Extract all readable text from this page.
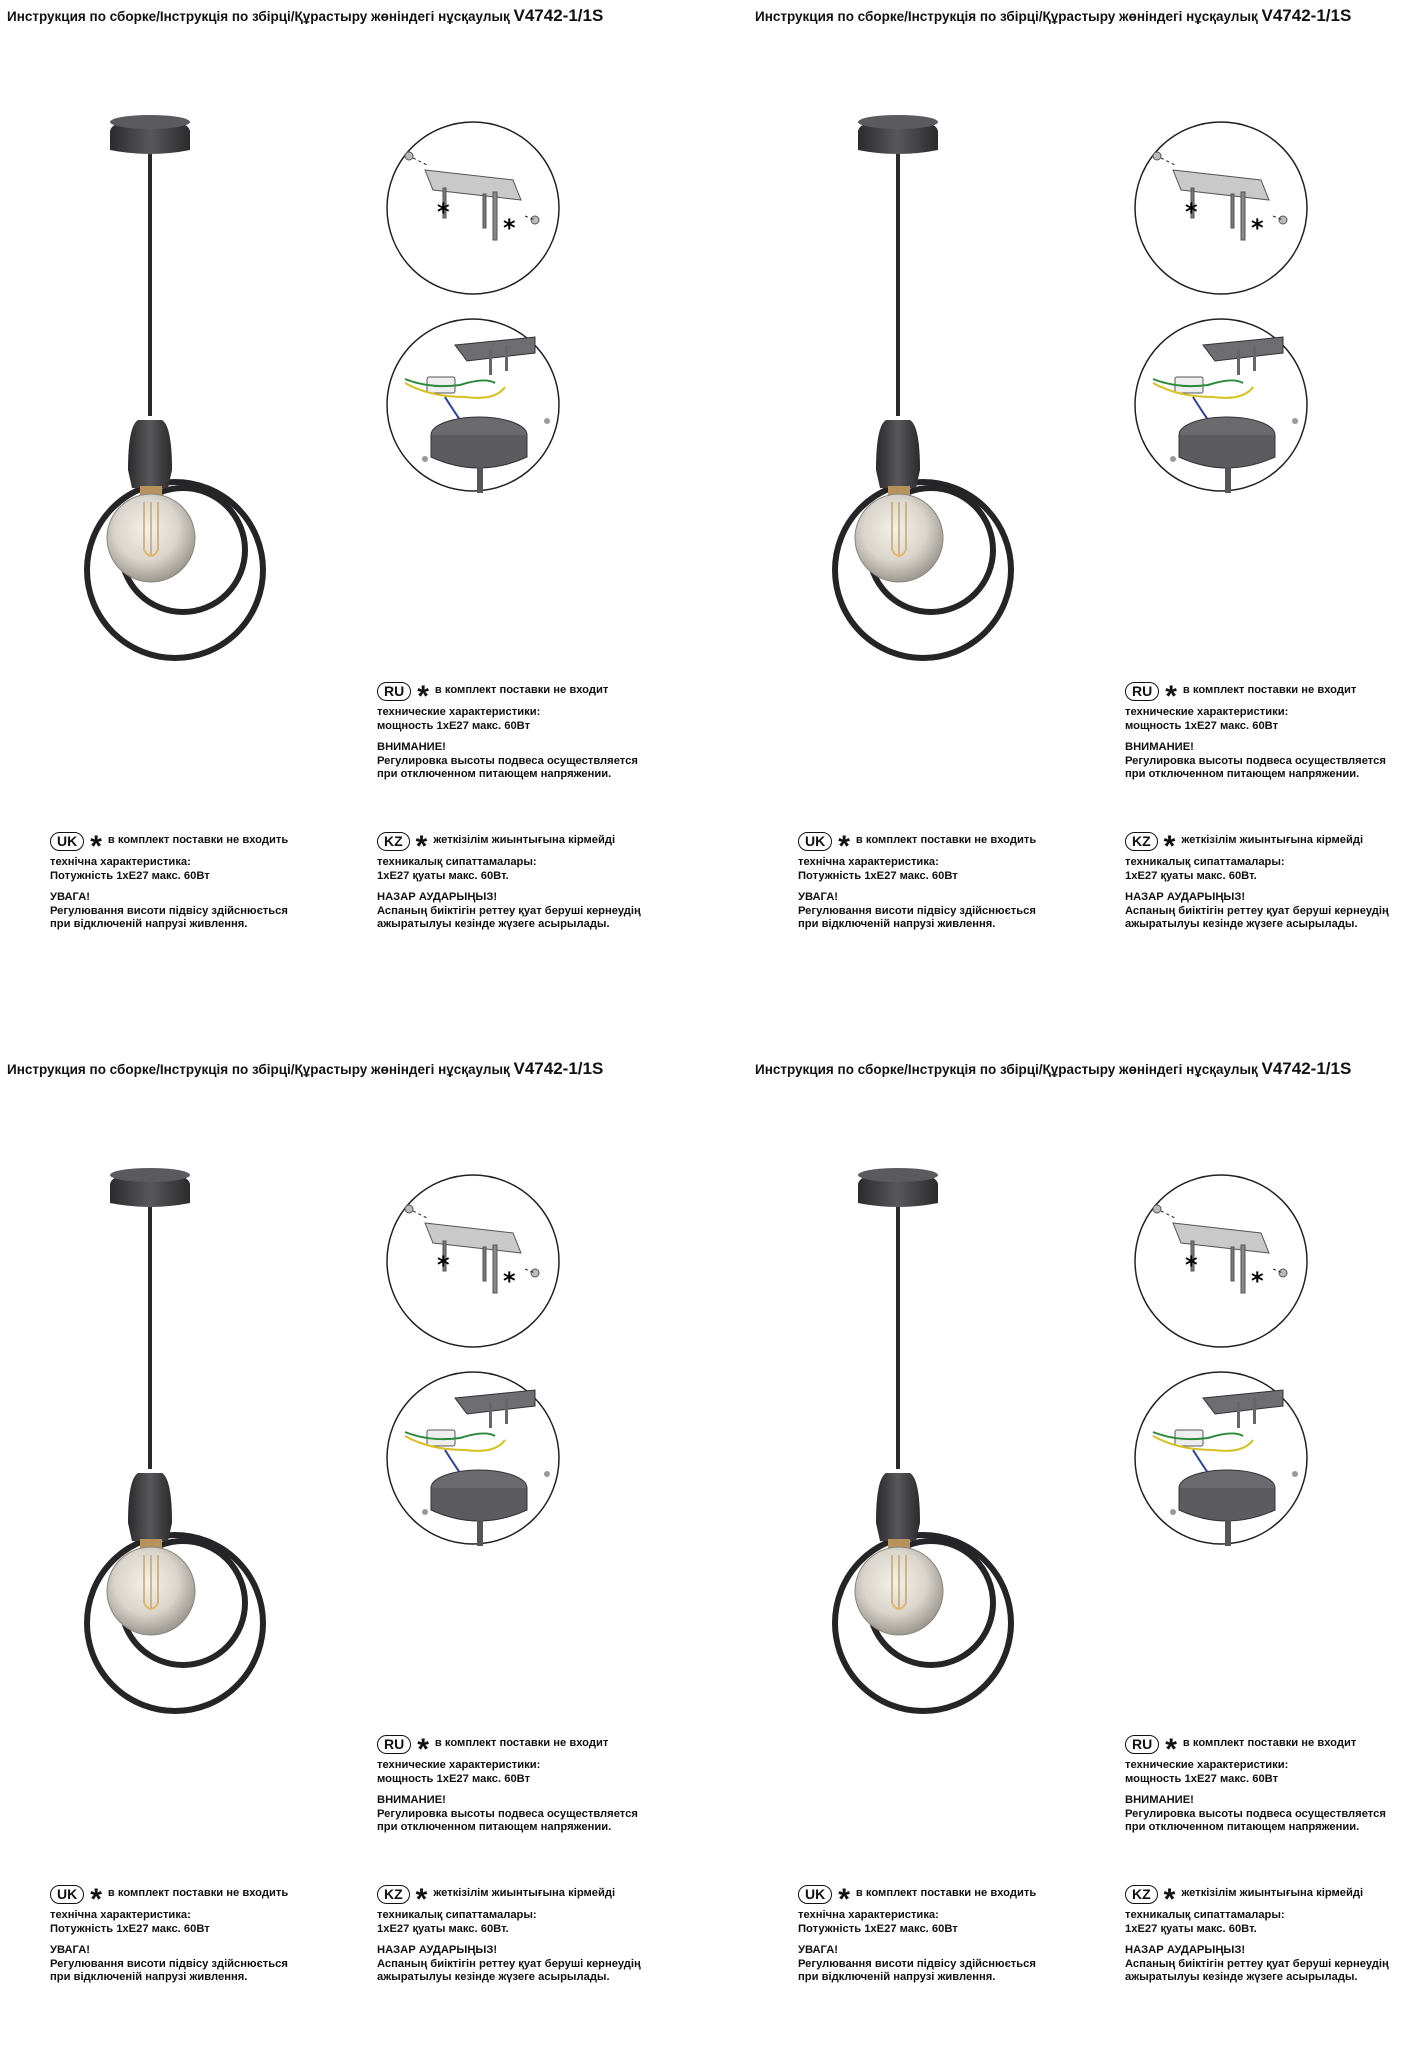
Инструкция по сборке/Інструкція по збірці/Құрастыру жөніндегі нұсқаулық V4742-1/1S
*
*
RU * в комплект поставки не входит
технические характеристики:
мощность 1хЕ27 макс. 60Вт
ВНИМАНИЕ!
Регулировка высоты подвеса осуществляется
при отключенном питающем напряжении.
UK * в комплект поставки не входить
технічна характеристика:
Потужність 1хЕ27 макс. 60Вт
УВАГА!
Регулювання висоти підвісу здійснюється
при відключеній напрузі живлення.
KZ * жеткізілім жиынтығына кірмейді
техникалық сипаттамалары:
1хЕ27 қуаты макс. 60Вт.
НАЗАР АУДАРЫҢЫЗ!
Аспаның биіктігін реттеу қуат беруші кернеудің
ажыратылуы кезінде жүзеге асырылады.
Инструкция по сборке/Інструкція по збірці/Құрастыру жөніндегі нұсқаулық V4742-1/1S
*
*
RU * в комплект поставки не входит
технические характеристики:
мощность 1хЕ27 макс. 60Вт
ВНИМАНИЕ!
Регулировка высоты подвеса осуществляется
при отключенном питающем напряжении.
UK * в комплект поставки не входить
технічна характеристика:
Потужність 1хЕ27 макс. 60Вт
УВАГА!
Регулювання висоти підвісу здійснюється
при відключеній напрузі живлення.
KZ * жеткізілім жиынтығына кірмейді
техникалық сипаттамалары:
1хЕ27 қуаты макс. 60Вт.
НАЗАР АУДАРЫҢЫЗ!
Аспаның биіктігін реттеу қуат беруші кернеудің
ажыратылуы кезінде жүзеге асырылады.
Инструкция по сборке/Інструкція по збірці/Құрастыру жөніндегі нұсқаулық V4742-1/1S
*
*
RU * в комплект поставки не входит
технические характеристики:
мощность 1хЕ27 макс. 60Вт
ВНИМАНИЕ!
Регулировка высоты подвеса осуществляется
при отключенном питающем напряжении.
UK * в комплект поставки не входить
технічна характеристика:
Потужність 1хЕ27 макс. 60Вт
УВАГА!
Регулювання висоти підвісу здійснюється
при відключеній напрузі живлення.
KZ * жеткізілім жиынтығына кірмейді
техникалық сипаттамалары:
1хЕ27 қуаты макс. 60Вт.
НАЗАР АУДАРЫҢЫЗ!
Аспаның биіктігін реттеу қуат беруші кернеудің
ажыратылуы кезінде жүзеге асырылады.
Инструкция по сборке/Інструкція по збірці/Құрастыру жөніндегі нұсқаулық V4742-1/1S
*
*
RU * в комплект поставки не входит
технические характеристики:
мощность 1хЕ27 макс. 60Вт
ВНИМАНИЕ!
Регулировка высоты подвеса осуществляется
при отключенном питающем напряжении.
UK * в комплект поставки не входить
технічна характеристика:
Потужність 1хЕ27 макс. 60Вт
УВАГА!
Регулювання висоти підвісу здійснюється
при відключеній напрузі живлення.
KZ * жеткізілім жиынтығына кірмейді
техникалық сипаттамалары:
1хЕ27 қуаты макс. 60Вт.
НАЗАР АУДАРЫҢЫЗ!
Аспаның биіктігін реттеу қуат беруші кернеудің
ажыратылуы кезінде жүзеге асырылады.
